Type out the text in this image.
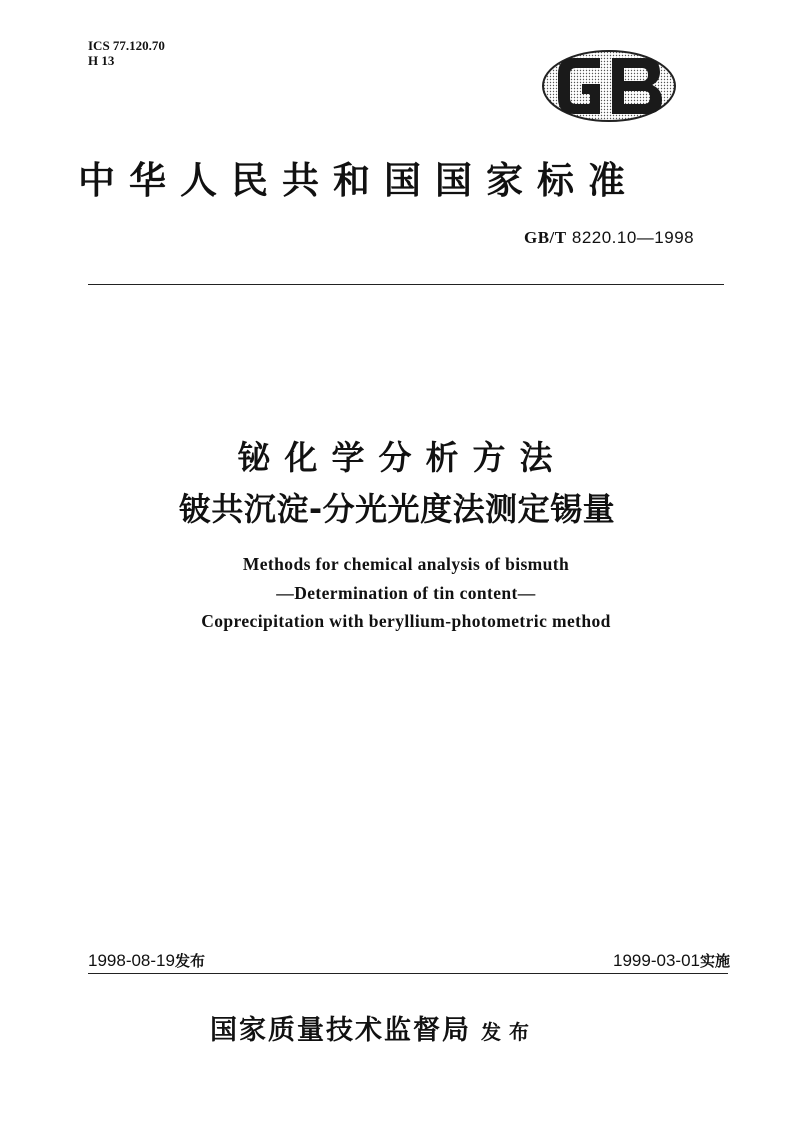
ICS 77.120.70
H 13
中华人民共和国国家标准
GB/T 8220.10—1998
铋化学分析方法
铍共沉淀-分光光度法测定锡量
Methods for chemical analysis of bismuth
—Determination of tin content—
Coprecipitation with beryllium-photometric method
1998-08-19发布	1999-03-01实施
国家质量技术监督局 发布
